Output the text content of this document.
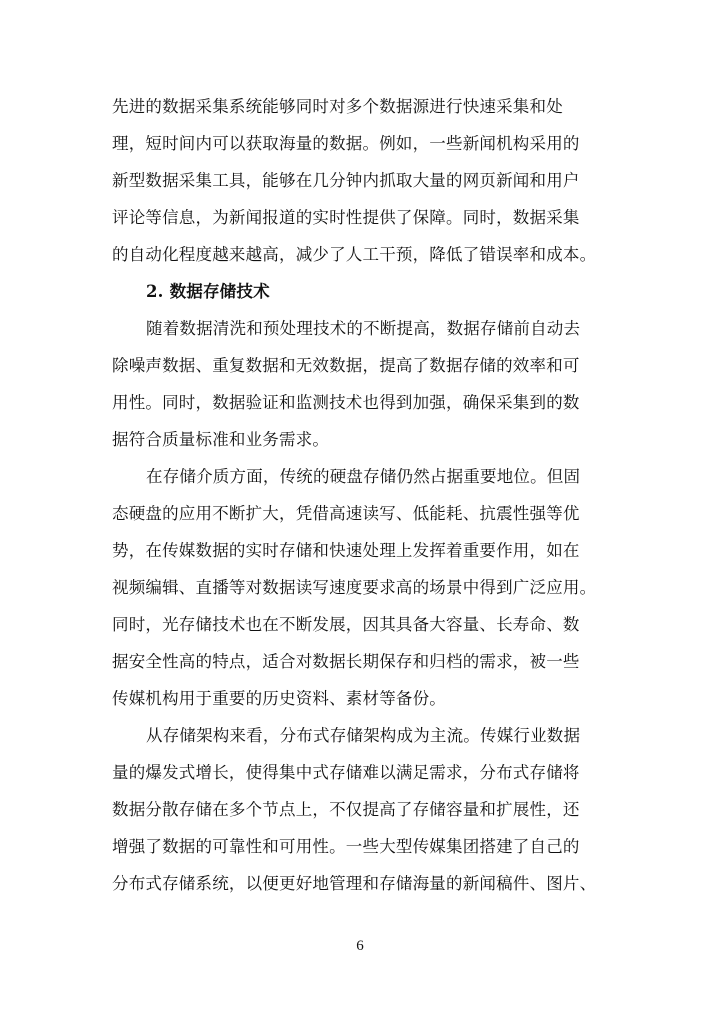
先进的数据采集系统能够同时对多个数据源进行快速采集和处
理，短时间内可以获取海量的数据。例如，一些新闻机构采用的
新型数据采集工具，能够在几分钟内抓取大量的网页新闻和用户
评论等信息，为新闻报道的实时性提供了保障。同时，数据采集
的自动化程度越来越高，减少了人工干预，降低了错误率和成本。
2. 数据存储技术
随着数据清洗和预处理技术的不断提高，数据存储前自动去
除噪声数据、重复数据和无效数据，提高了数据存储的效率和可
用性。同时，数据验证和监测技术也得到加强，确保采集到的数
据符合质量标准和业务需求。
在存储介质方面，传统的硬盘存储仍然占据重要地位。但固
态硬盘的应用不断扩大，凭借高速读写、低能耗、抗震性强等优
势，在传媒数据的实时存储和快速处理上发挥着重要作用，如在
视频编辑、直播等对数据读写速度要求高的场景中得到广泛应用。
同时，光存储技术也在不断发展，因其具备大容量、长寿命、数
据安全性高的特点，适合对数据长期保存和归档的需求，被一些
传媒机构用于重要的历史资料、素材等备份。
从存储架构来看，分布式存储架构成为主流。传媒行业数据
量的爆发式增长，使得集中式存储难以满足需求，分布式存储将
数据分散存储在多个节点上，不仅提高了存储容量和扩展性，还
增强了数据的可靠性和可用性。一些大型传媒集团搭建了自己的
分布式存储系统，以便更好地管理和存储海量的新闻稿件、图片、
6
